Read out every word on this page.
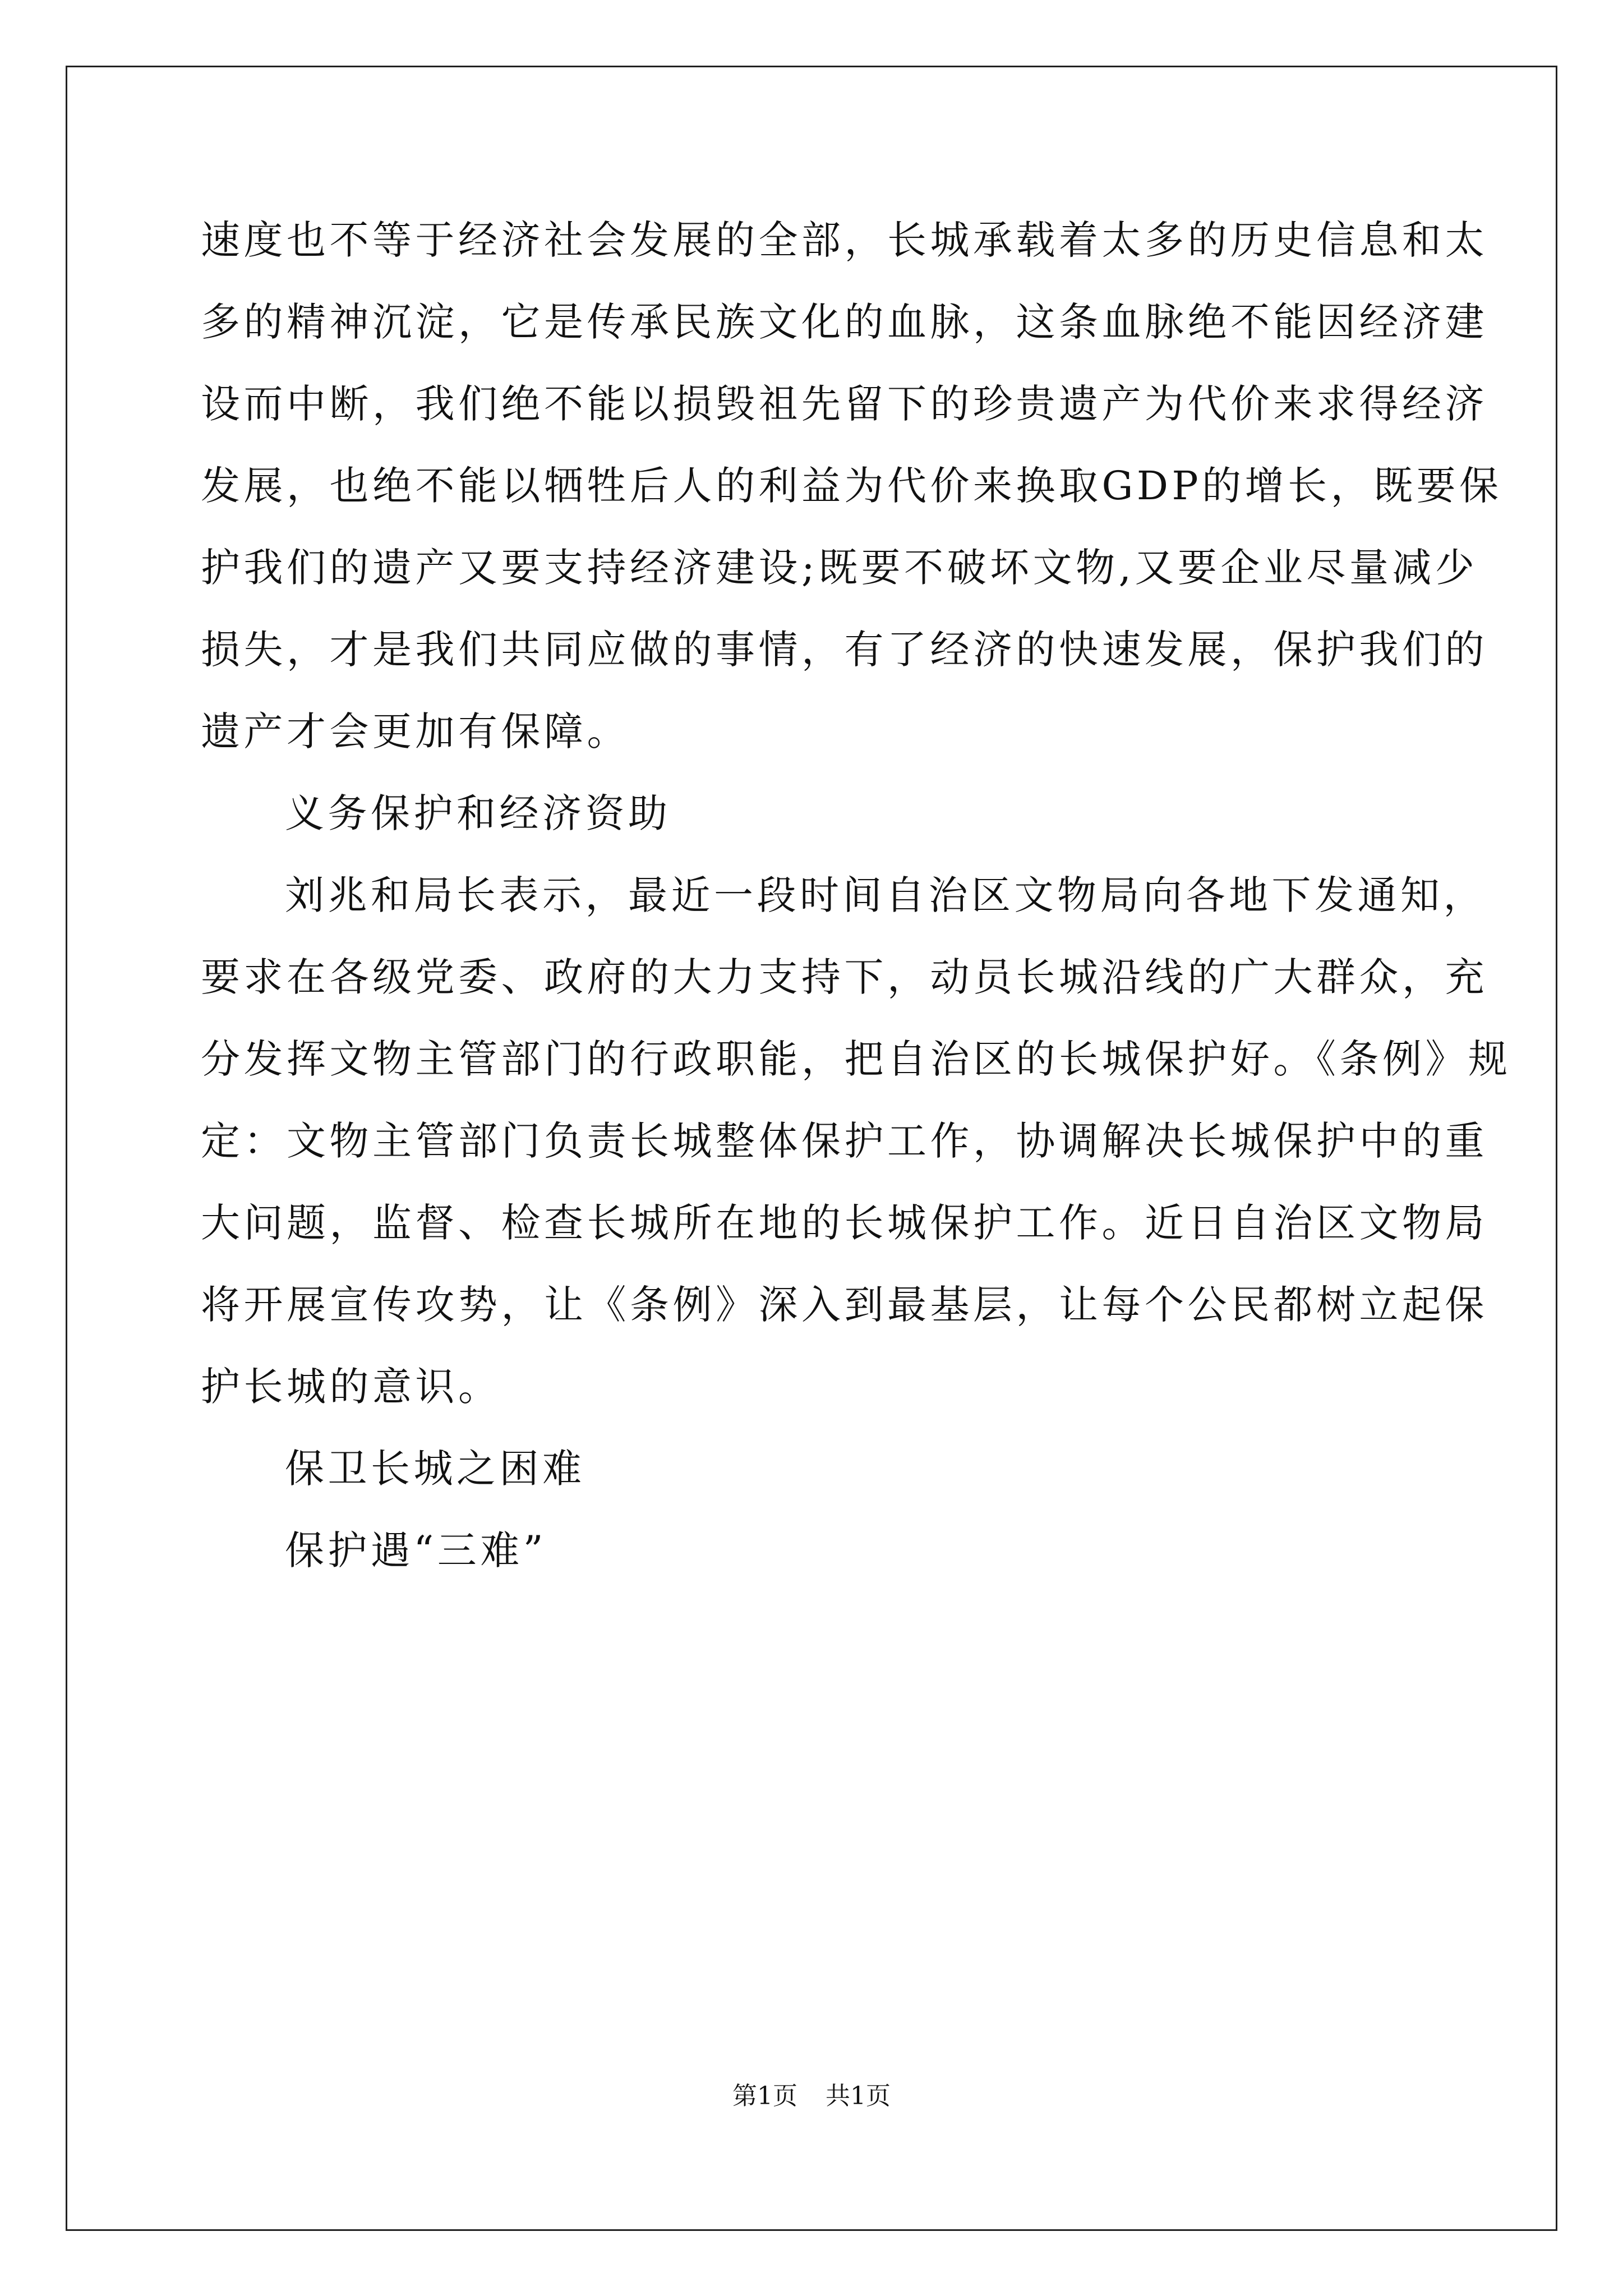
速度也不等于经济社会发展的全部，长城承载着太多的历史信息和太
多的精神沉淀，它是传承民族文化的血脉，这条血脉绝不能因经济建
设而中断，我们绝不能以损毁祖先留下的珍贵遗产为代价来求得经济
发展，也绝不能以牺牲后人的利益为代价来换取GDP的增长，既要保
护我们的遗产又要支持经济建设;既要不破坏文物,又要企业尽量减少
损失，才是我们共同应做的事情，有了经济的快速发展，保护我们的
遗产才会更加有保障。
义务保护和经济资助
刘兆和局长表示，最近一段时间自治区文物局向各地下发通知，
要求在各级党委、政府的大力支持下，动员长城沿线的广大群众，充
分发挥文物主管部门的行政职能，把自治区的长城保护好。《条例》规
定：文物主管部门负责长城整体保护工作，协调解决长城保护中的重
大问题，监督、检查长城所在地的长城保护工作。近日自治区文物局
将开展宣传攻势，让《条例》深入到最基层，让每个公民都树立起保
护长城的意识。
保卫长城之困难
保护遇“三难”
第1页 共1页
